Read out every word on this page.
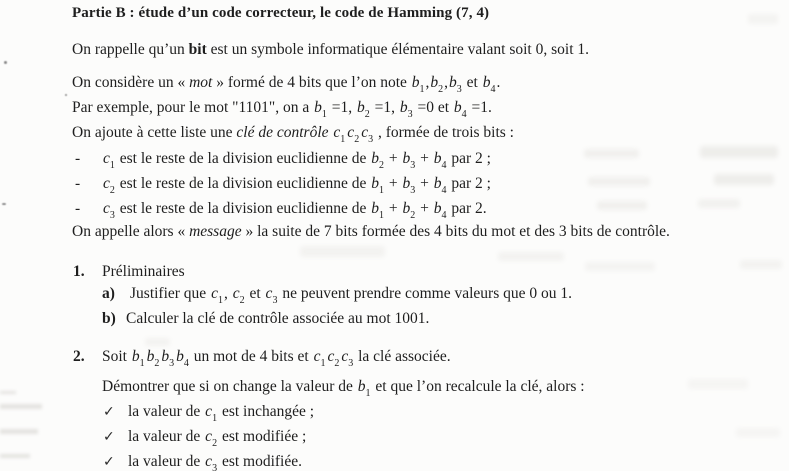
Partie B : étude d’un code correcteur, le code de Hamming (7, 4)
On rappelle qu’un bit est un symbole informatique élémentaire valant soit 0, soit 1.
On considère un « mot » formé de 4 bits que l’on note $b_1,b_2,b_3$ et $b_4$.
Par exemple, pour le mot "1101", on a $b_1 =1$, $b_2 =1$, $b_3 =0$ et $b_4 =1$.
On ajoute à cette liste une clé de contrôle $c_1$ $c_2$ $c_3$ , formée de trois bits :
- $c_1$ est le reste de la division euclidienne de $b_2 + b_3 + b_4$ par 2 ;
- $c_2$ est le reste de la division euclidienne de $b_1 + b_3 + b_4$ par 2 ;
- $c_3$ est le reste de la division euclidienne de $b_1 + b_2 + b_4$ par 2.
On appelle alors « message » la suite de 7 bits formée des 4 bits du mot et des 3 bits de contrôle.
1. Préliminaires
a) Justifier que $c_1$, $c_2$ et $c_3$ ne peuvent prendre comme valeurs que 0 ou 1.
b) Calculer la clé de contrôle associée au mot 1001.
2. Soit $b_1$ $b_2$ $b_3$ $b_4$ un mot de 4 bits et $c_1$ $c_2$ $c_3$ la clé associée.
Démontrer que si on change la valeur de $b_1$ et que l’on recalcule la clé, alors :
✓ la valeur de $c_1$ est inchangée ;
✓ la valeur de $c_2$ est modifiée ;
✓ la valeur de $c_3$ est modifiée.
